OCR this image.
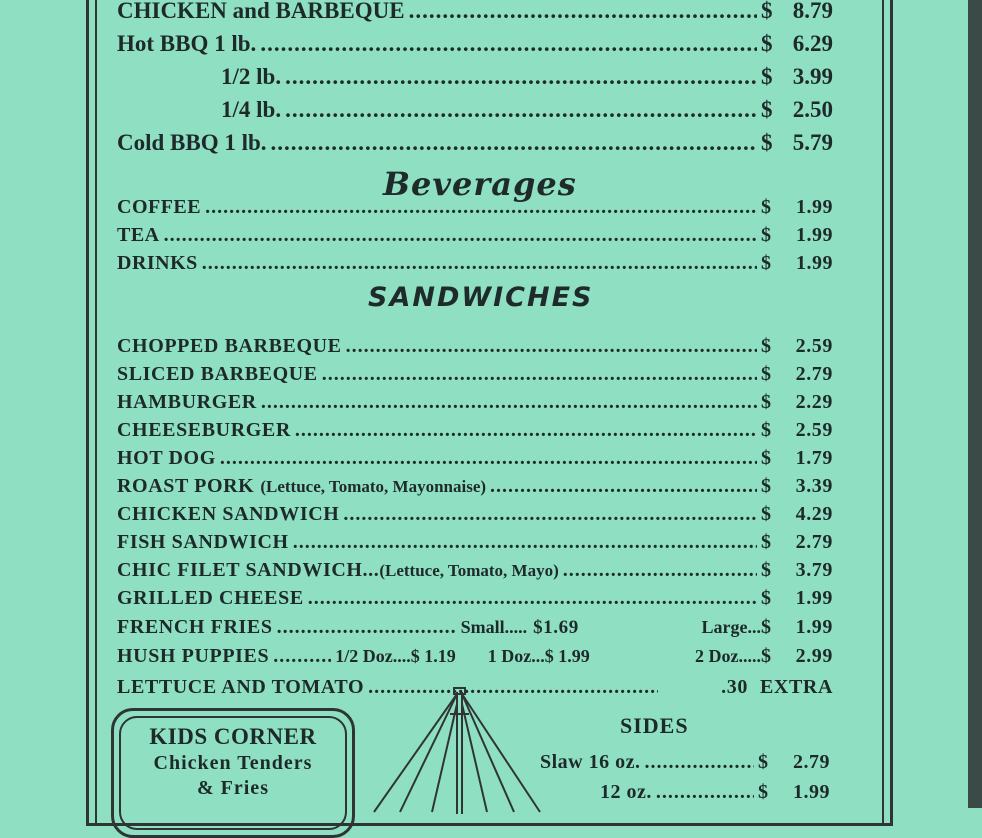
CHICKEN and BARBEQUE .....	$ 8.79
Hot BBQ 1 lb. .....	$ 6.29
1/2 lb. .....	$ 3.99
1/4 lb. .....	$ 2.50
Cold BBQ 1 lb. .....	$ 5.79
Beverages
COFFEE .....	$ 1.99
TEA .....	$ 1.99
DRINKS .....	$ 1.99
SANDWICHES
CHOPPED BARBEQUE .....	$ 2.59
SLICED BARBEQUE .....	$ 2.79
HAMBURGER .....	$ 2.29
CHEESEBURGER .....	$ 2.59
HOT DOG .....	$ 1.79
ROAST PORK (Lettuce, Tomato, Mayonnaise) .....	$ 3.39
CHICKEN SANDWICH .....	$ 4.29
FISH SANDWICH .....	$ 2.79
CHIC FILET SANDWICH... (Lettuce, Tomato, Mayo) .....	$ 3.79
GRILLED CHEESE .....	$ 1.99
FRENCH FRIES .....	Small..... $1.69	Large... $ 1.99
HUSH PUPPIES .....	1/2 Doz....$ 1.19 1 Doz...$ 1.99	2 Doz..... $ 2.99
LETTUCE AND TOMATO .....	.30 EXTRA
KIDS CORNER
Chicken Tenders
& Fries
SIDES
Slaw 16 oz. .....	$ 2.79
12 oz. .....	$ 1.99
